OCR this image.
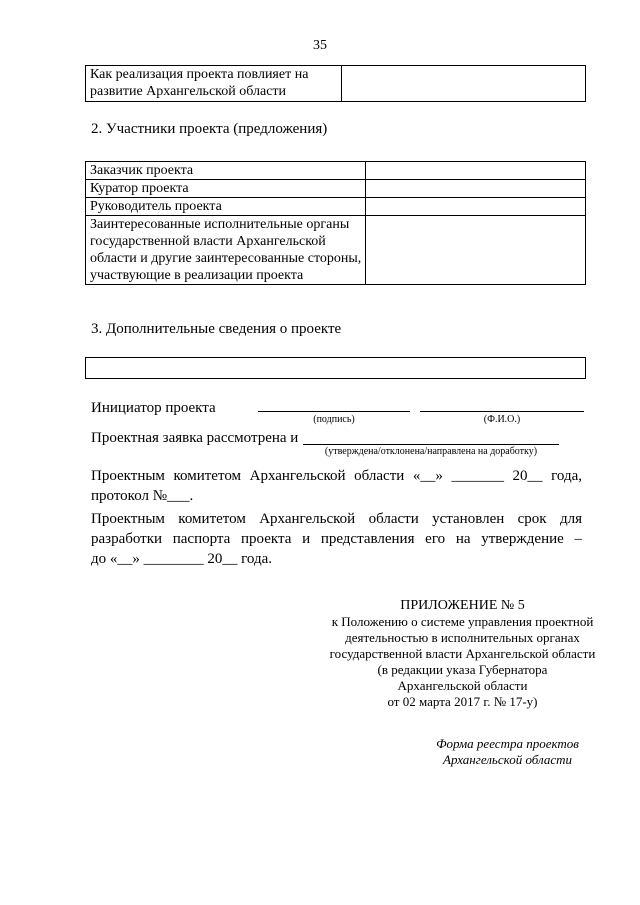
35
Как реализация проекта повлияет на развитие Архангельской области	
2. Участники проекта (предложения)
Заказчик проекта	
Куратор проекта	
Руководитель проекта	
Заинтересованные исполнительные органы государственной власти Архангельской области и другие заинтересованные стороны, участвующие в реализации проекта	
3. Дополнительные сведения о проекте
Инициатор проекта
(подпись)	(Ф.И.О.)
Проектная заявка рассмотрена и
(утверждена/отклонена/направлена на доработку)
Проектным комитетом Архангельской области «__» _______ 20__ года,
протокол №___.
Проектным комитетом Архангельской области установлен срок для
разработки паспорта проекта и представления его на утверждение –
до «__» ________ 20__ года.
ПРИЛОЖЕНИЕ № 5
к Положению о системе управления проектной
деятельностью в исполнительных органах
государственной власти Архангельской области
(в редакции указа Губернатора
Архангельской области
от 02 марта 2017 г. № 17-у)
Форма реестра проектов
Архангельской области
